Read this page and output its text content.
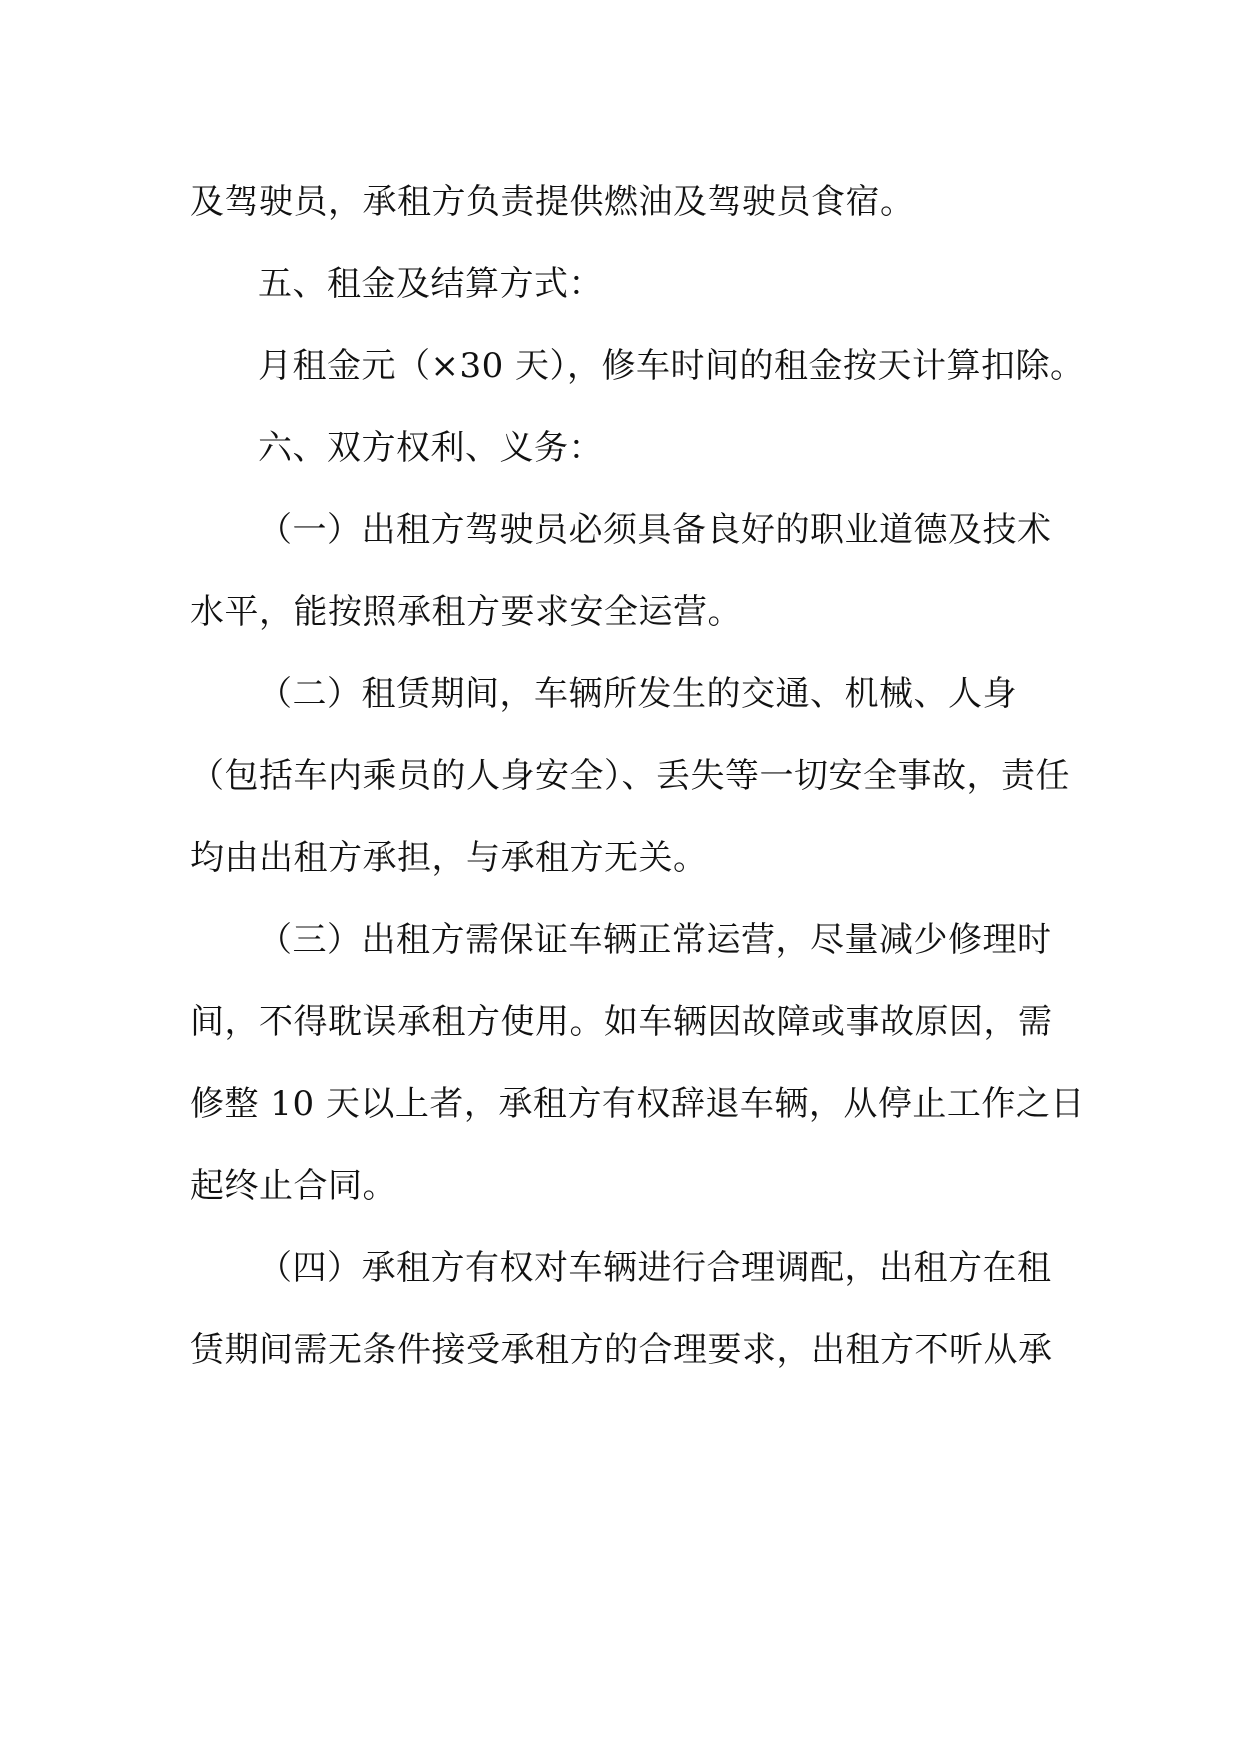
及驾驶员，承租方负责提供燃油及驾驶员食宿。
五、租金及结算方式：
月租金元（×30 天），修车时间的租金按天计算扣除。
六、双方权利、义务：
（一）出租方驾驶员必须具备良好的职业道德及技术
水平，能按照承租方要求安全运营。
（二）租赁期间，车辆所发生的交通、机械、人身
（包括车内乘员的人身安全）、丢失等一切安全事故，责任
均由出租方承担，与承租方无关。
（三）出租方需保证车辆正常运营，尽量减少修理时
间，不得耽误承租方使用。如车辆因故障或事故原因，需
修整 10 天以上者，承租方有权辞退车辆，从停止工作之日
起终止合同。
（四）承租方有权对车辆进行合理调配，出租方在租
赁期间需无条件接受承租方的合理要求，出租方不听从承
